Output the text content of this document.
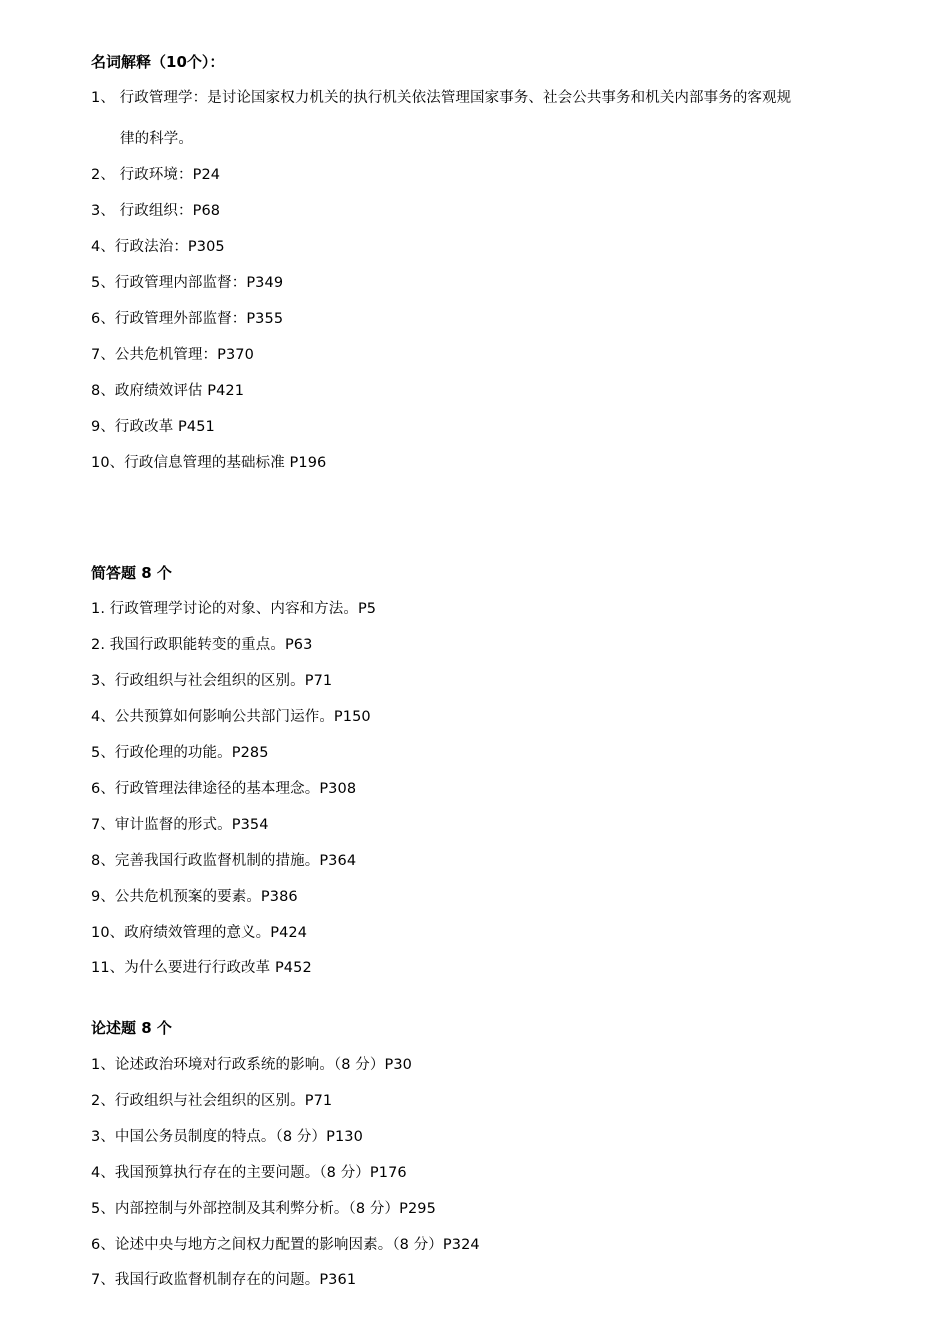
名词解释（10个）：
1、 行政管理学：是讨论国家权力机关的执行机关依法管理国家事务、社会公共事务和机关内部事务的客观规
律的科学。
2、 行政环境：P24
3、 行政组织：P68
4、行政法治：P305
5、行政管理内部监督：P349
6、行政管理外部监督：P355
7、公共危机管理：P370
8、政府绩效评估 P421
9、行政改革 P451
10、行政信息管理的基础标准 P196
简答题 8 个
1. 行政管理学讨论的对象、内容和方法。P5
2. 我国行政职能转变的重点。P63
3、行政组织与社会组织的区别。P71
4、公共预算如何影响公共部门运作。P150
5、行政伦理的功能。P285
6、行政管理法律途径的基本理念。P308
7、审计监督的形式。P354
8、完善我国行政监督机制的措施。P364
9、公共危机预案的要素。P386
10、政府绩效管理的意义。P424
11、为什么要进行行政改革 P452
论述题 8 个
1、论述政治环境对行政系统的影响。（8 分）P30
2、行政组织与社会组织的区别。P71
3、中国公务员制度的特点。（8 分）P130
4、我国预算执行存在的主要问题。（8 分）P176
5、内部控制与外部控制及其利弊分析。（8 分）P295
6、论述中央与地方之间权力配置的影响因素。（8 分）P324
7、我国行政监督机制存在的问题。P361
